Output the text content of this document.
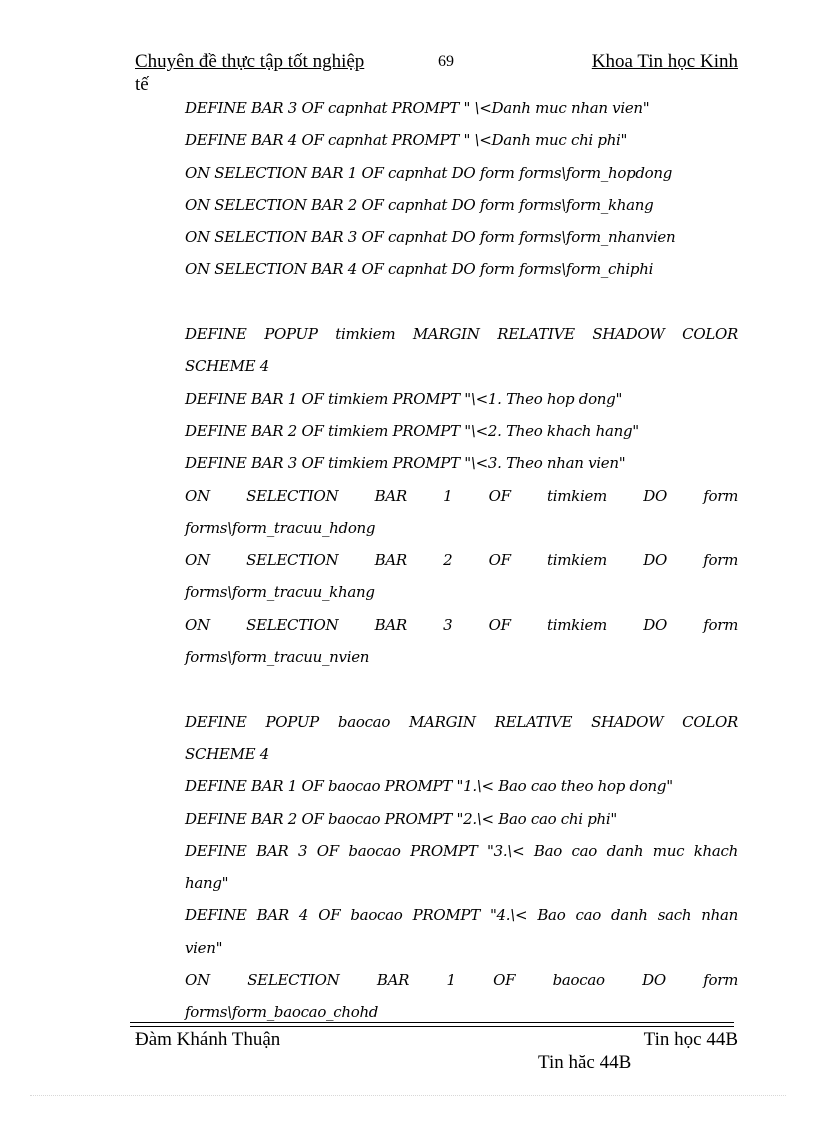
Chuyên đề thực tập tốt nghiệp	69	Khoa Tin học Kinh
tế

DEFINE BAR 3 OF capnhat PROMPT " \<Danh muc nhan vien"

DEFINE BAR 4 OF capnhat PROMPT " \<Danh muc chi phi"

ON SELECTION BAR 1 OF capnhat DO form forms\form_hopdong

ON SELECTION BAR 2 OF capnhat DO form forms\form_khang

ON SELECTION BAR 3 OF capnhat DO form forms\form_nhanvien

ON SELECTION BAR 4 OF capnhat DO form forms\form_chiphi

DEFINE POPUP timkiem MARGIN RELATIVE SHADOW COLOR

SCHEME 4

DEFINE BAR 1 OF timkiem PROMPT "\<1. Theo hop dong"

DEFINE BAR 2 OF timkiem PROMPT "\<2. Theo khach hang"

DEFINE BAR 3 OF timkiem PROMPT "\<3. Theo nhan vien"

ON SELECTION BAR 1 OF timkiem DO form

forms\form_tracuu_hdong

ON SELECTION BAR 2 OF timkiem DO form

forms\form_tracuu_khang

ON SELECTION BAR 3 OF timkiem DO form

forms\form_tracuu_nvien

DEFINE POPUP baocao MARGIN RELATIVE SHADOW COLOR

SCHEME 4

DEFINE BAR 1 OF baocao PROMPT "1.\< Bao cao theo hop dong"

DEFINE BAR 2 OF baocao PROMPT "2.\< Bao cao chi phi"

DEFINE BAR 3 OF baocao PROMPT "3.\< Bao cao danh muc khach

hang"

DEFINE BAR 4 OF baocao PROMPT "4.\< Bao cao danh sach nhan

vien"

ON SELECTION BAR 1 OF baocao DO form

forms\form_baocao_chohd

Đàm Khánh Thuận	Tin học 44B
Tin hăc 44B
